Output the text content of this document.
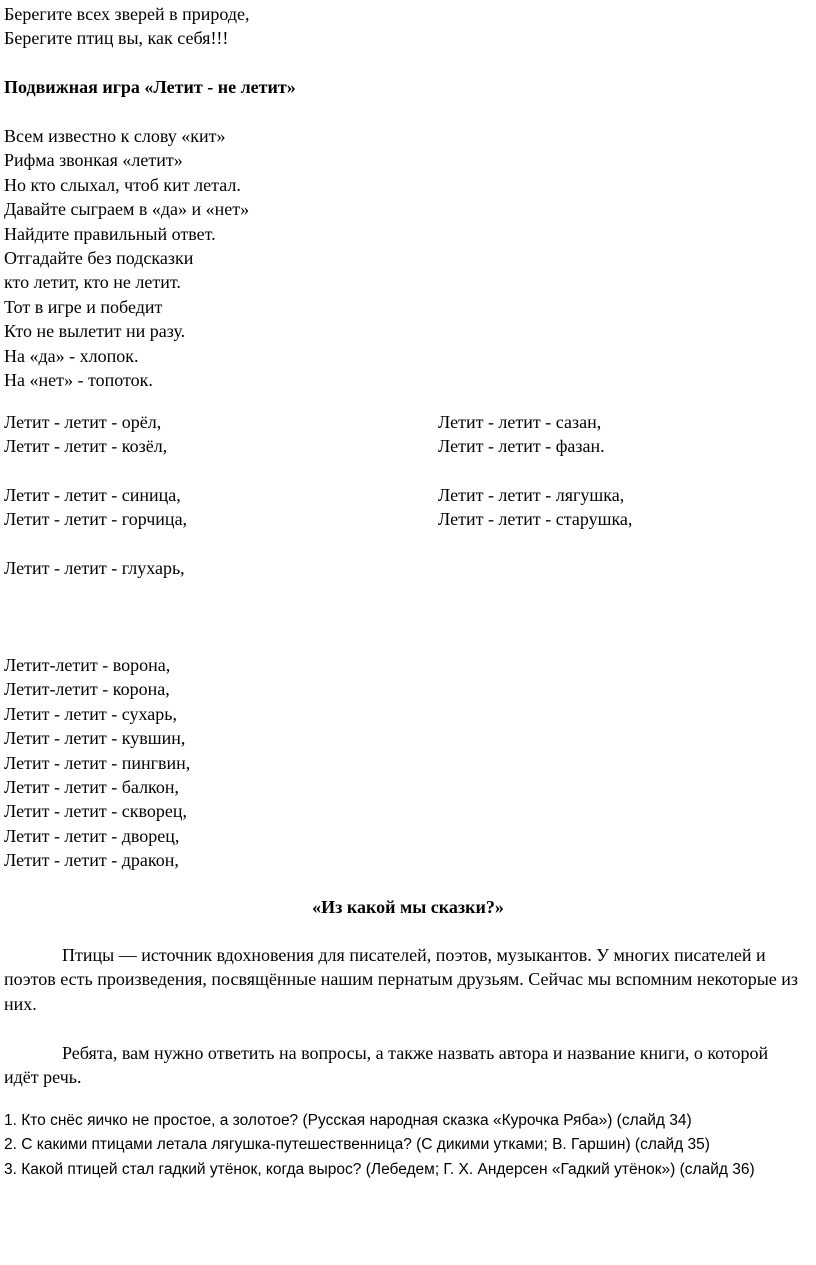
Берегите всех зверей в природе,
Берегите птиц вы, как себя!!!
Подвижная игра «Летит - не летит»
Всем известно к слову «кит»
Рифма звонкая «летит»
Но кто слыхал, чтоб кит летал.
Давайте сыграем в «да» и «нет»
Найдите правильный ответ.
Отгадайте без подсказки
кто летит, кто не летит.
Тот в игре и победит
Кто не вылетит ни разу.
На «да» - хлопок.
На «нет» - топоток.
Летит - летит - орёл,
Летит - летит - козёл,
Летит - летит - сазан,
Летит - летит - фазан.
Летит - летит - синица,
Летит - летит - горчица,
Летит - летит - лягушка,
Летит - летит - старушка,
Летит - летит - глухарь,
Летит-летит - ворона,
Летит-летит - корона,
Летит - летит - сухарь,
Летит - летит - кувшин,
Летит - летит - пингвин,
Летит - летит - балкон,
Летит - летит - скворец,
Летит - летит - дворец,
Летит - летит - дракон,
«Из какой мы сказки?»
Птицы — источник вдохновения для писателей, поэтов, музыкантов. У многих писателей и поэтов есть произведения, посвящённые нашим пернатым друзьям. Сейчас мы вспомним некоторые из них.
Ребята, вам нужно ответить на вопросы, а также назвать автора и название книги, о которой идёт речь.
1. Кто снёс яичко не простое, а золотое? (Русская народная сказка «Курочка Ряба») (слайд 34)
2. С какими птицами летала лягушка-путешественница? (С дикими утками; В. Гаршин) (слайд 35)
3. Какой птицей стал гадкий утёнок, когда вырос? (Лебедем; Г. Х. Андерсен «Гадкий утёнок») (слайд 36)
